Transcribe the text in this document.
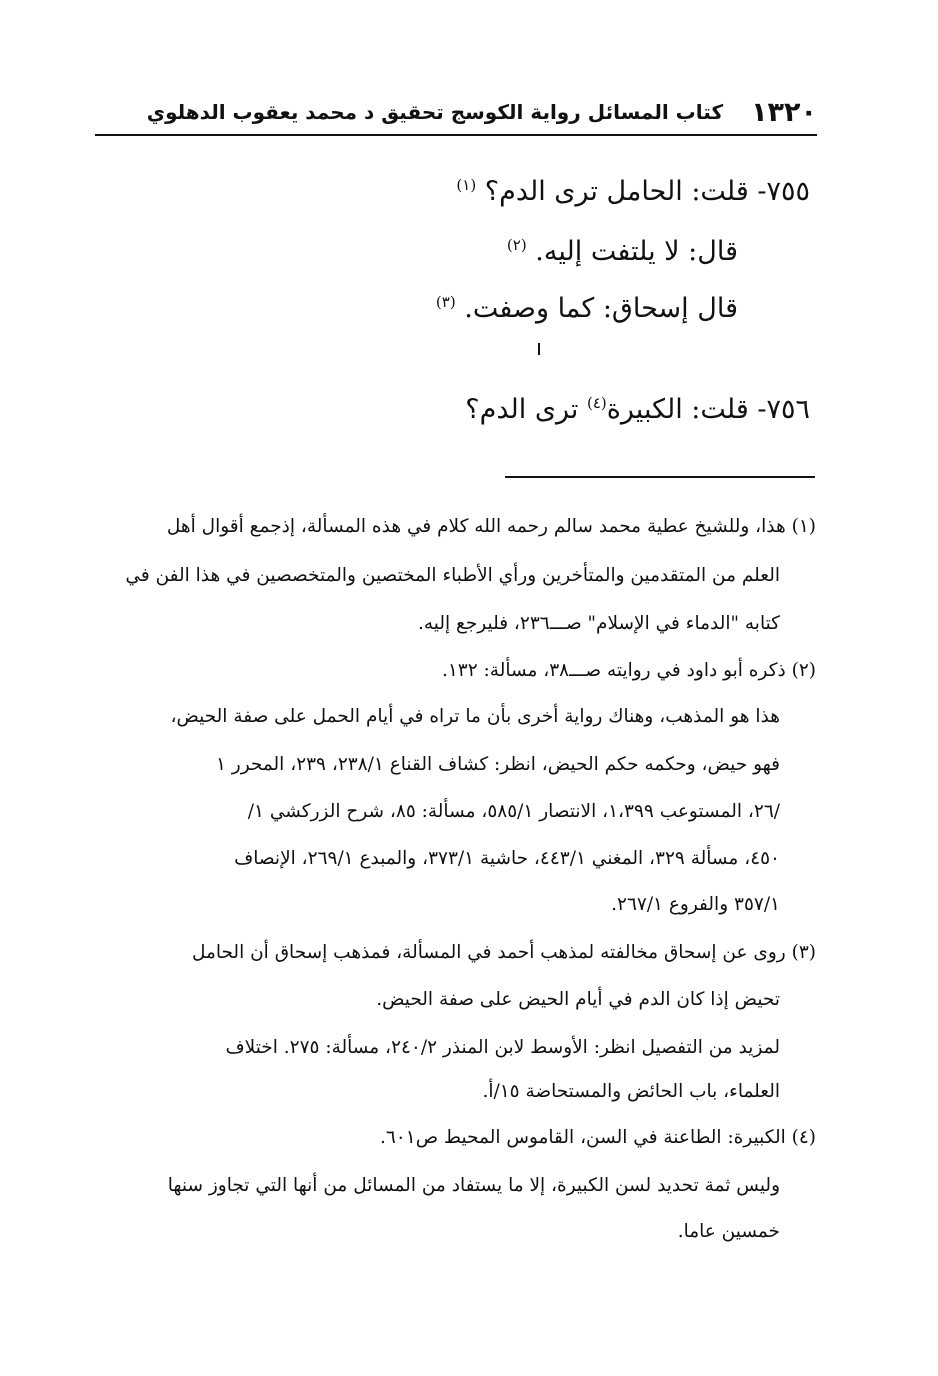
١٣٢٠
كتاب المسائل رواية الكوسج تحقيق د محمد يعقوب الدهلوي
٧٥٥- قلت: الحامل ترى الدم؟ $^{(١)}$
قال: لا يلتفت إليه. $^{(٢)}$
قال إسحاق: كما وصفت. $^{(٣)}$
٧٥٦- قلت: الكبيرة$^{(٤)}$ ترى الدم؟
(١) هذا، وللشيخ عطية محمد سالم رحمه الله كلام في هذه المسألة، إذجمع أقوال أهل
العلم من المتقدمين والمتأخرين ورأي الأطباء المختصين والمتخصصين في هذا الفن في
كتابه "الدماء في الإسلام" صـــ٢٣٦، فليرجع إليه.
(٢) ذكره أبو داود في روايته صـــ٣٨، مسألة: ١٣٢.
هذا هو المذهب، وهناك رواية أخرى بأن ما تراه في أيام الحمل على صفة الحيض،
فهو حيض، وحكمه حكم الحيض، انظر: كشاف القناع ٢٣٨/١، ٢٣٩، المحرر ١
/٢٦، المستوعب ١،٣٩٩، الانتصار ٥٨٥/١، مسألة: ٨٥، شرح الزركشي ١/
٤٥٠، مسألة ٣٢٩، المغني ٤٤٣/١، حاشية ٣٧٣/١، والمبدع ٢٦٩/١، الإنصاف
٣٥٧/١ والفروع ٢٦٧/١.
(٣) روى عن إسحاق مخالفته لمذهب أحمد في المسألة، فمذهب إسحاق أن الحامل
تحيض إذا كان الدم في أيام الحيض على صفة الحيض.
لمزيد من التفصيل انظر: الأوسط لابن المنذر ٢٤٠/٢، مسألة: ٢٧٥. اختلاف
العلماء، باب الحائض والمستحاضة ١٥/أ.
(٤) الكبيرة: الطاعنة في السن، القاموس المحيط ص٦٠١.
وليس ثمة تحديد لسن الكبيرة، إلا ما يستفاد من المسائل من أنها التي تجاوز سنها
خمسين عاما.
